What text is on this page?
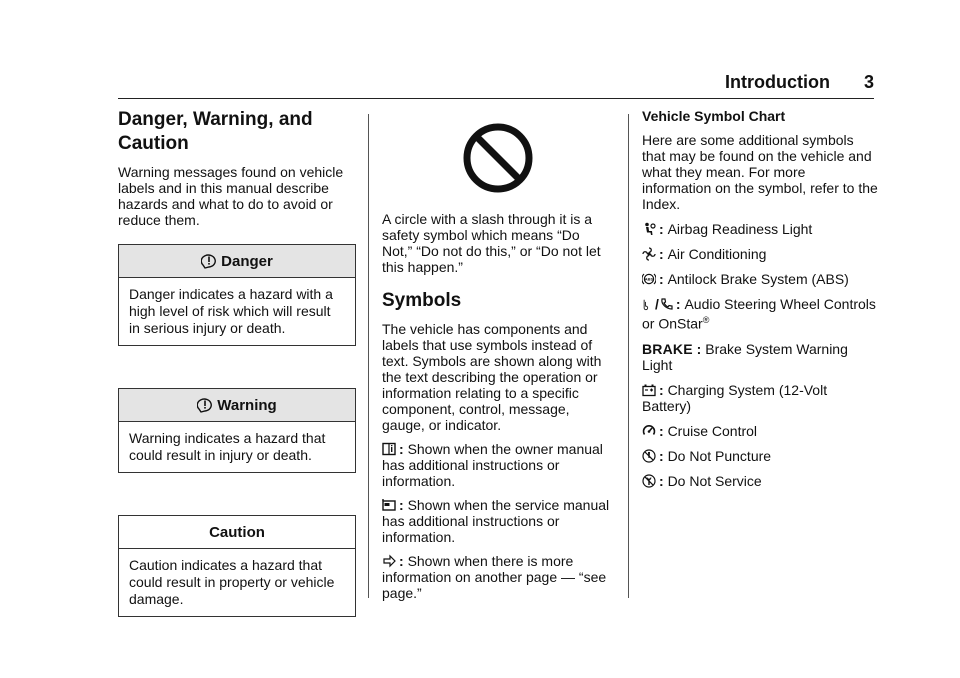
Introduction 3
Danger, Warning, and Caution

Warning messages found on vehicle labels and in this manual describe hazards and what to do to avoid or reduce them.

Danger
Danger indicates a hazard with a high level of risk which will result in serious injury or death.
Warning
Warning indicates a hazard that could result in injury or death.
Caution
Caution indicates a hazard that could result in property or vehicle damage.

A circle with a slash through it is a safety symbol which means “Do Not,” “Do not do this,” or “Do not let this happen.”

Symbols

The vehicle has components and labels that use symbols instead of text. Symbols are shown along with the text describing the operation or information relating to a specific component, control, message, gauge, or indicator.

: Shown when the owner manual has additional instructions or information.

: Shown when the service manual has additional instructions or information.

: Shown when there is more information on another page — “see page.”

Vehicle Symbol Chart

Here are some additional symbols that may be found on the vehicle and what they mean. For more information on the symbol, refer to the Index.

: Airbag Readiness Light

: Air Conditioning

ABS : Antilock Brake System (ABS)

/ : Audio Steering Wheel Controls or OnStar®

BRAKE : Brake System Warning Light

: Charging System (12-Volt Battery)

: Cruise Control

: Do Not Puncture

: Do Not Service
